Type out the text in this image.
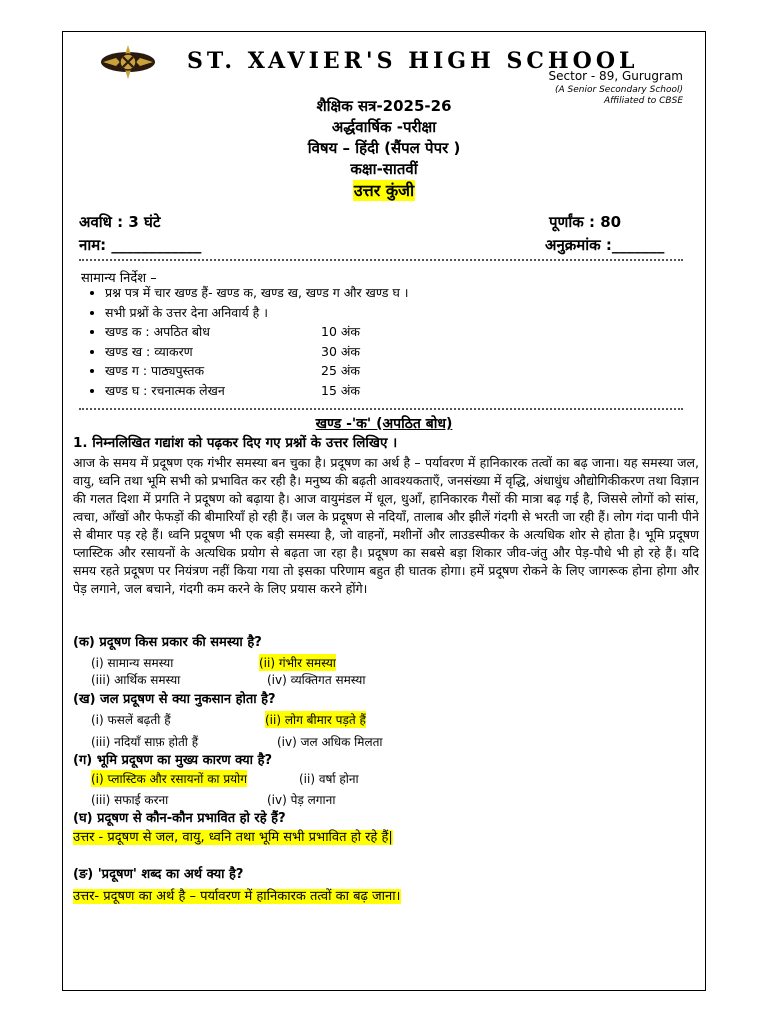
ST. XAVIER'S HIGH SCHOOL
Sector - 89, Gurugram
(A Senior Secondary School)
Affiliated to CBSE
शैक्षिक सत्र-2025-26
अर्द्धवार्षिक -परीक्षा
विषय – हिंदी (सैंपल पेपर )
कक्षा-सातवीं
उत्तर कुंजी
अवधि : 3 घंटे	पूर्णांक : 80
नाम: ____________	अनुक्रमांक :_______
सामान्य निर्देश –
• प्रश्न पत्र में चार खण्ड हैं- खण्ड क, खण्ड ख, खण्ड ग और खण्ड घ ।
• सभी प्रश्नों के उत्तर देना अनिवार्य है ।
• खण्ड क : अपठित बोध	10 अंक
• खण्ड ख : व्याकरण	30 अंक
• खण्ड ग : पाठ्यपुस्तक	25 अंक
• खण्ड घ : रचनात्मक लेखन	15 अंक
खण्ड -'क' (अपठित बोध)
1. निम्नलिखित गद्यांश को पढ़कर दिए गए प्रश्नों के उत्तर लिखिए ।
आज के समय में प्रदूषण एक गंभीर समस्या बन चुका है। प्रदूषण का अर्थ है – पर्यावरण में हानिकारक तत्वों का बढ़ जाना। यह समस्या जल, वायु, ध्वनि तथा भूमि सभी को प्रभावित कर रही है। मनुष्य की बढ़ती आवश्यकताएँ, जनसंख्या में वृद्धि, अंधाधुंध औद्योगिकीकरण तथा विज्ञान की गलत दिशा में प्रगति ने प्रदूषण को बढ़ाया है। आज वायुमंडल में धूल, धुआँ, हानिकारक गैसों की मात्रा बढ़ गई है, जिससे लोगों को सांस, त्वचा, आँखों और फेफड़ों की बीमारियाँ हो रही हैं। जल के प्रदूषण से नदियाँ, तालाब और झीलें गंदगी से भरती जा रही हैं। लोग गंदा पानी पीने से बीमार पड़ रहे हैं। ध्वनि प्रदूषण भी एक बड़ी समस्या है, जो वाहनों, मशीनों और लाउडस्पीकर के अत्यधिक शोर से होता है। भूमि प्रदूषण प्लास्टिक और रसायनों के अत्यधिक प्रयोग से बढ़ता जा रहा है। प्रदूषण का सबसे बड़ा शिकार जीव-जंतु और पेड़-पौधे भी हो रहे हैं। यदि समय रहते प्रदूषण पर नियंत्रण नहीं किया गया तो इसका परिणाम बहुत ही घातक होगा। हमें प्रदूषण रोकने के लिए जागरूक होना होगा और पेड़ लगाने, जल बचाने, गंदगी कम करने के लिए प्रयास करने होंगे।
(क) प्रदूषण किस प्रकार की समस्या है?
(i) सामान्य समस्या	(ii) गंभीर समस्या
(iii) आर्थिक समस्या	(iv) व्यक्तिगत समस्या
(ख) जल प्रदूषण से क्या नुकसान होता है?
(i) फसलें बढ़ती हैं	(ii) लोग बीमार पड़ते हैं
(iii) नदियाँ साफ़ होती हैं	(iv) जल अधिक मिलता
(ग) भूमि प्रदूषण का मुख्य कारण क्या है?
(i) प्लास्टिक और रसायनों का प्रयोग	(ii) वर्षा होना
(iii) सफाई करना	(iv) पेड़ लगाना
(घ) प्रदूषण से कौन-कौन प्रभावित हो रहे हैं?
उत्तर - प्रदूषण से जल, वायु, ध्वनि तथा भूमि सभी प्रभावित हो रहे हैं|
(ङ) 'प्रदूषण' शब्द का अर्थ क्या है?
उत्तर- प्रदूषण का अर्थ है – पर्यावरण में हानिकारक तत्वों का बढ़ जाना।
